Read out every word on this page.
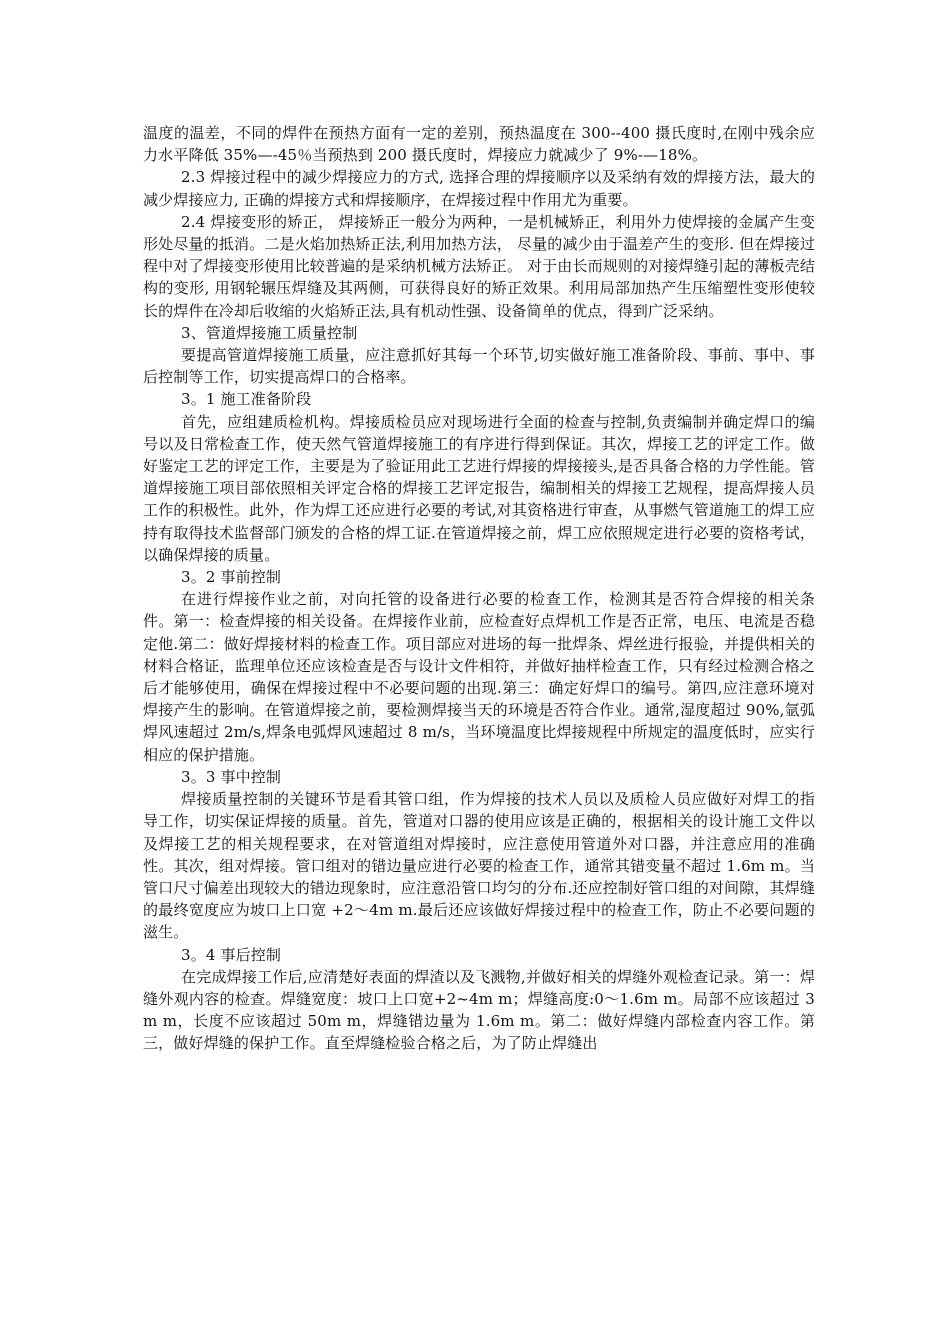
温度的温差，不同的焊件在预热方面有一定的差别，预热温度在 300--400 摄氏度时,在刚中残余应力水平降低 35%—-45％当预热到 200 摄氏度时，焊接应力就减少了 9%-—18%。

2.3 焊接过程中的减少焊接应力的方式, 选择合理的焊接顺序以及采纳有效的焊接方法，最大的减少焊接应力, 正确的焊接方式和焊接顺序，在焊接过程中作用尤为重要。

2.4 焊接变形的矫正， 焊接矫正一般分为两种，一是机械矫正，利用外力使焊接的金属产生变形处尽量的抵消。二是火焰加热矫正法,利用加热方法， 尽量的减少由于温差产生的变形. 但在焊接过程中对了焊接变形使用比较普遍的是采纳机械方法矫正。 对于由长而规则的对接焊缝引起的薄板壳结构的变形, 用钢轮辗压焊缝及其两侧，可获得良好的矫正效果。利用局部加热产生压缩塑性变形使较长的焊件在冷却后收缩的火焰矫正法,具有机动性强、设备简单的优点，得到广泛采纳。

3、管道焊接施工质量控制

要提高管道焊接施工质量，应注意抓好其每一个环节,切实做好施工准备阶段、事前、事中、事后控制等工作，切实提高焊口的合格率。

3。1 施工准备阶段

首先，应组建质检机构。焊接质检员应对现场进行全面的检查与控制,负责编制并确定焊口的编号以及日常检查工作，使天然气管道焊接施工的有序进行得到保证。其次，焊接工艺的评定工作。做好鉴定工艺的评定工作，主要是为了验证用此工艺进行焊接的焊接接头,是否具备合格的力学性能。管道焊接施工项目部依照相关评定合格的焊接工艺评定报告，编制相关的焊接工艺规程，提高焊接人员工作的积极性。此外，作为焊工还应进行必要的考试,对其资格进行审查，从事燃气管道施工的焊工应持有取得技术监督部门颁发的合格的焊工证.在管道焊接之前，焊工应依照规定进行必要的资格考试，以确保焊接的质量。

3。2 事前控制

在进行焊接作业之前，对向托管的设备进行必要的检查工作，检测其是否符合焊接的相关条件。第一：检查焊接的相关设备。在焊接作业前，应检查好点焊机工作是否正常，电压、电流是否稳定他.第二：做好焊接材料的检查工作。项目部应对进场的每一批焊条、焊丝进行报验，并提供相关的材料合格证，监理单位还应该检查是否与设计文件相符，并做好抽样检查工作，只有经过检测合格之后才能够使用，确保在焊接过程中不必要问题的出现.第三：确定好焊口的编号。第四,应注意环境对焊接产生的影响。在管道焊接之前，要检测焊接当天的环境是否符合作业。通常,湿度超过 90%,氩弧焊风速超过 2m/s,焊条电弧焊风速超过 8 m/s，当环境温度比焊接规程中所规定的温度低时，应实行相应的保护措施。

3。3 事中控制

焊接质量控制的关键环节是看其管口组，作为焊接的技术人员以及质检人员应做好对焊工的指导工作，切实保证焊接的质量。首先，管道对口器的使用应该是正确的，根据相关的设计施工文件以及焊接工艺的相关规程要求，在对管道组对焊接时，应注意使用管道外对口器，并注意应用的准确性。其次，组对焊接。管口组对的错边量应进行必要的检查工作，通常其错变量不超过 1.6m m。当管口尺寸偏差出现较大的错边现象时，应注意沿管口均匀的分布.还应控制好管口组的对间隙，其焊缝的最终宽度应为坡口上口宽 +2～4m m.最后还应该做好焊接过程中的检查工作，防止不必要问题的滋生。

3。4 事后控制

在完成焊接工作后,应清楚好表面的焊渣以及飞溅物,并做好相关的焊缝外观检查记录。第一：焊缝外观内容的检查。焊缝宽度：坡口上口宽+2~4m m；焊缝高度:0～1.6m m。局部不应该超过 3m m，长度不应该超过 50m m，焊缝错边量为 1.6m m。第二：做好焊缝内部检查内容工作。第三，做好焊缝的保护工作。直至焊缝检验合格之后，为了防止焊缝出
